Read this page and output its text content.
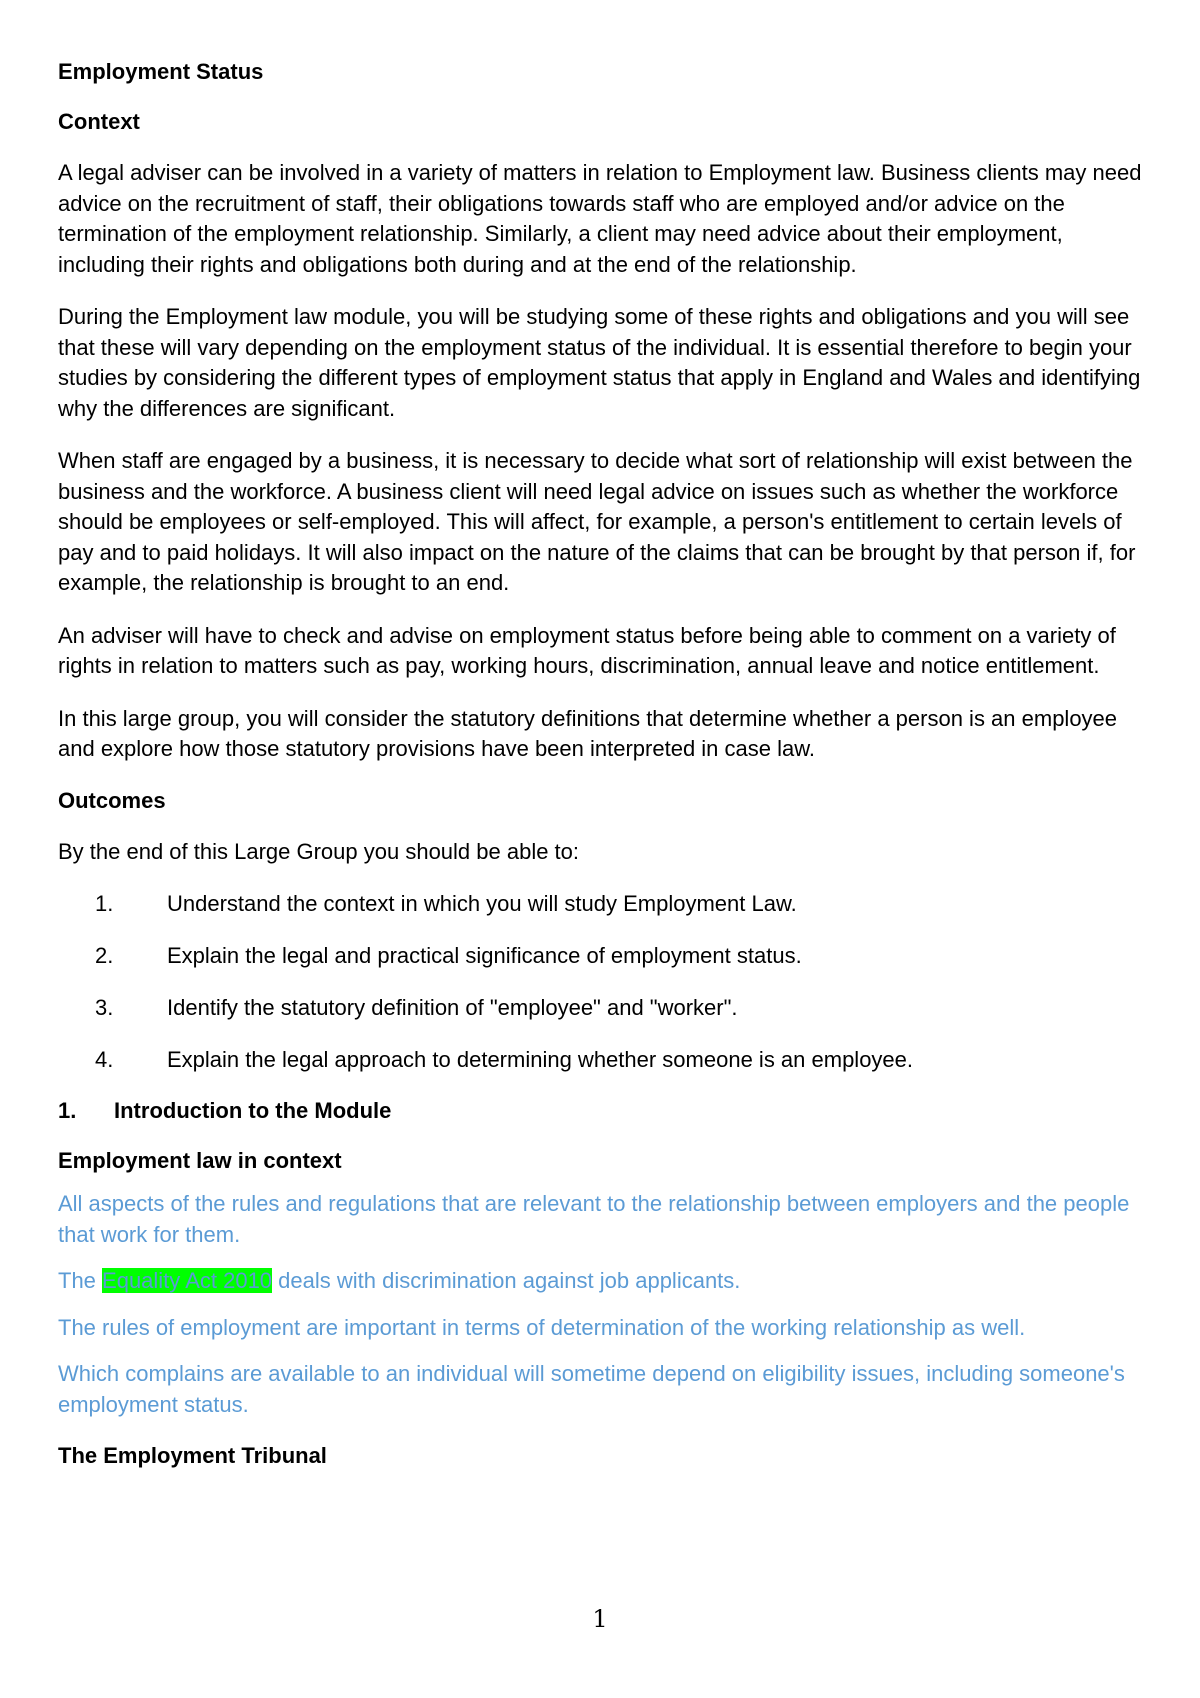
Employment Status
Context

A legal adviser can be involved in a variety of matters in relation to Employment law. Business clients may need advice on the recruitment of staff, their obligations towards staff who are employed and/or advice on the termination of the employment relationship. Similarly, a client may need advice about their employment, including their rights and obligations both during and at the end of the relationship.

During the Employment law module, you will be studying some of these rights and obligations and you will see that these will vary depending on the employment status of the individual. It is essential therefore to begin your studies by considering the different types of employment status that apply in England and Wales and identifying why the differences are significant.

When staff are engaged by a business, it is necessary to decide what sort of relationship will exist between the business and the workforce. A business client will need legal advice on issues such as whether the workforce should be employees or self-employed. This will affect, for example, a person's entitlement to certain levels of pay and to paid holidays. It will also impact on the nature of the claims that can be brought by that person if, for example, the relationship is brought to an end.

An adviser will have to check and advise on employment status before being able to comment on a variety of rights in relation to matters such as pay, working hours, discrimination, annual leave and notice entitlement.

In this large group, you will consider the statutory definitions that determine whether a person is an employee and explore how those statutory provisions have been interpreted in case law.

Outcomes

By the end of this Large Group you should be able to:

1. Understand the context in which you will study Employment Law.
2. Explain the legal and practical significance of employment status.
3. Identify the statutory definition of "employee" and "worker".
4. Explain the legal approach to determining whether someone is an employee.
1. Introduction to the Module
Employment law in context

All aspects of the rules and regulations that are relevant to the relationship between employers and the people that work for them.

The Equality Act 2010 deals with discrimination against job applicants.

The rules of employment are important in terms of determination of the working relationship as well.

Which complains are available to an individual will sometime depend on eligibility issues, including someone's employment status.

The Employment Tribunal
1
